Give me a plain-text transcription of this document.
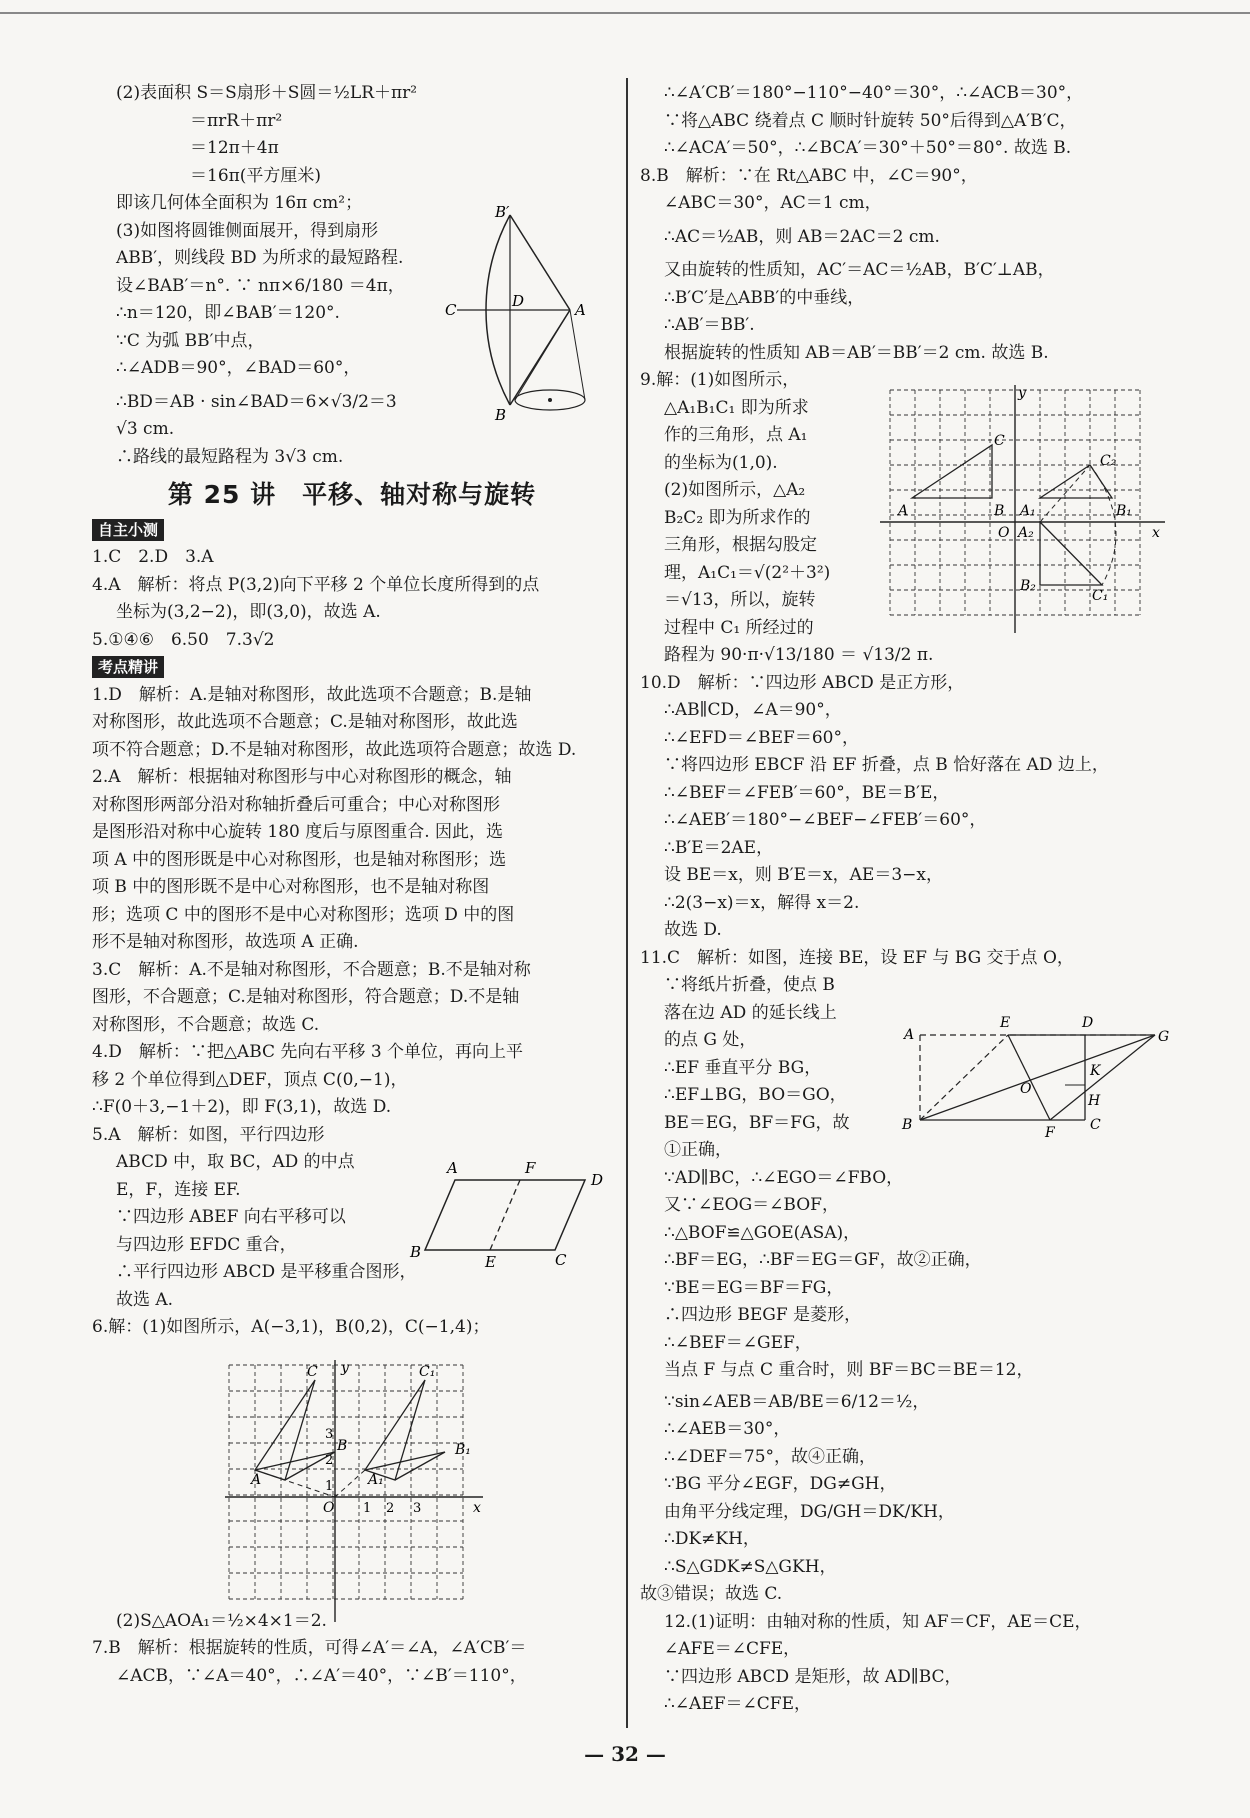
(2)表面积 S＝S扇形＋S圆＝½LR＋πr²
＝πrR＋πr²
＝12π＋4π
＝16π(平方厘米)
即该几何体全面积为 16π cm²；
(3)如图将圆锥侧面展开，得到扇形
ABB′，则线段 BD 为所求的最短路程.
设∠BAB′＝n°. ∵ nπ×6/180 ＝4π，
∴n＝120，即∠BAB′＝120°.
∵C 为弧 BB′中点，
∴∠ADB＝90°，∠BAD＝60°，
∴BD＝AB · sin∠BAD＝6×√3/2＝3
√3 cm.
∴路线的最短路程为 3√3 cm.
第 25 讲　平移、轴对称与旋转
自主小测
1.C　2.D　3.A
4.A　解析：将点 P(3,2)向下平移 2 个单位长度所得到的点
坐标为(3,2−2)，即(3,0)，故选 A.
5.①④⑥　6.50　7.3√2
考点精讲
1.D　解析：A.是轴对称图形，故此选项不合题意；B.是轴
对称图形，故此选项不合题意；C.是轴对称图形，故此选
项不符合题意；D.不是轴对称图形，故此选项符合题意；故选 D.
2.A　解析：根据轴对称图形与中心对称图形的概念，轴
对称图形两部分沿对称轴折叠后可重合；中心对称图形
是图形沿对称中心旋转 180 度后与原图重合. 因此，选
项 A 中的图形既是中心对称图形，也是轴对称图形；选
项 B 中的图形既不是中心对称图形，也不是轴对称图
形；选项 C 中的图形不是中心对称图形；选项 D 中的图
形不是轴对称图形，故选项 A 正确.
3.C　解析：A.不是轴对称图形，不合题意；B.不是轴对称
图形，不合题意；C.是轴对称图形，符合题意；D.不是轴
对称图形，不合题意；故选 C.
4.D　解析：∵把△ABC 先向右平移 3 个单位，再向上平
移 2 个单位得到△DEF，顶点 C(0,−1)，
∴F(0＋3,−1＋2)，即 F(3,1)，故选 D.
5.A　解析：如图，平行四边形
ABCD 中，取 BC，AD 的中点
E，F，连接 EF.
∵四边形 ABEF 向右平移可以
与四边形 EFDC 重合，
∴平行四边形 ABCD 是平移重合图形，
故选 A.
6.解：(1)如图所示，A(−3,1)，B(0,2)，C(−1,4)；
(2)S△AOA₁＝½×4×1＝2.
7.B　解析：根据旋转的性质，可得∠A′＝∠A，∠A′CB′＝
∠ACB，∵∠A＝40°，∴∠A′＝40°，∵∠B′＝110°，
∴∠A′CB′＝180°−110°−40°＝30°，∴∠ACB＝30°，
∵将△ABC 绕着点 C 顺时针旋转 50°后得到△A′B′C，
∴∠ACA′＝50°，∴∠BCA′＝30°＋50°＝80°. 故选 B.
8.B　解析：∵在 Rt△ABC 中，∠C＝90°，
∠ABC＝30°，AC＝1 cm，
∴AC＝½AB，则 AB＝2AC＝2 cm.
又由旋转的性质知，AC′＝AC＝½AB，B′C′⊥AB，
∴B′C′是△ABB′的中垂线，
∴AB′＝BB′.
根据旋转的性质知 AB＝AB′＝BB′＝2 cm. 故选 B.
9.解：(1)如图所示，
△A₁B₁C₁ 即为所求
作的三角形，点 A₁
的坐标为(1,0).
(2)如图所示，△A₂
B₂C₂ 即为所求作的
三角形，根据勾股定
理，A₁C₁＝√(2²＋3²)
＝√13，所以，旋转
过程中 C₁ 所经过的
路程为 90·π·√13/180 ＝ √13/2 π.
10.D　解析：∵四边形 ABCD 是正方形，
∴AB∥CD，∠A＝90°，
∴∠EFD＝∠BEF＝60°，
∵将四边形 EBCF 沿 EF 折叠，点 B 恰好落在 AD 边上，
∴∠BEF＝∠FEB′＝60°，BE＝B′E，
∴∠AEB′＝180°−∠BEF−∠FEB′＝60°，
∴B′E＝2AE，
设 BE＝x，则 B′E＝x，AE＝3−x，
∴2(3−x)＝x，解得 x＝2.
故选 D.
11.C　解析：如图，连接 BE，设 EF 与 BG 交于点 O，
∵将纸片折叠，使点 B
落在边 AD 的延长线上
的点 G 处，
∴EF 垂直平分 BG，
∴EF⊥BG，BO＝GO，
BE＝EG，BF＝FG，故
①正确，
∵AD∥BC，∴∠EGO＝∠FBO，
又∵∠EOG＝∠BOF，
∴△BOF≌△GOE(ASA)，
∴BF＝EG，∴BF＝EG＝GF，故②正确，
∵BE＝EG＝BF＝FG，
∴四边形 BEGF 是菱形，
∴∠BEF＝∠GEF，
当点 F 与点 C 重合时，则 BF＝BC＝BE＝12，
∵sin∠AEB＝AB/BE＝6/12＝½，
∴∠AEB＝30°，
∴∠DEF＝75°，故④正确，
∵BG 平分∠EGF，DG≠GH，
由角平分线定理，DG/GH＝DK/KH，
∴DK≠KH，
∴S△GDK≠S△GKH，
故③错误；故选 C.
12.(1)证明：由轴对称的性质，知 AF＝CF，AE＝CE，
∠AFE＝∠CFE，
∵四边形 ABCD 是矩形，故 AD∥BC，
∴∠AEF＝∠CFE，
B′
C	D	A
B
A	F
D
B
E	C
y
C	C₁
B	B₁
A	A₁
O	x
1 2 3
1
2
3
y
C
C₂
A	B A₁
B₂
O A₂	x
B₁
C₁
A
E	D
G
K
O
H
B	F	C
— 32 —
